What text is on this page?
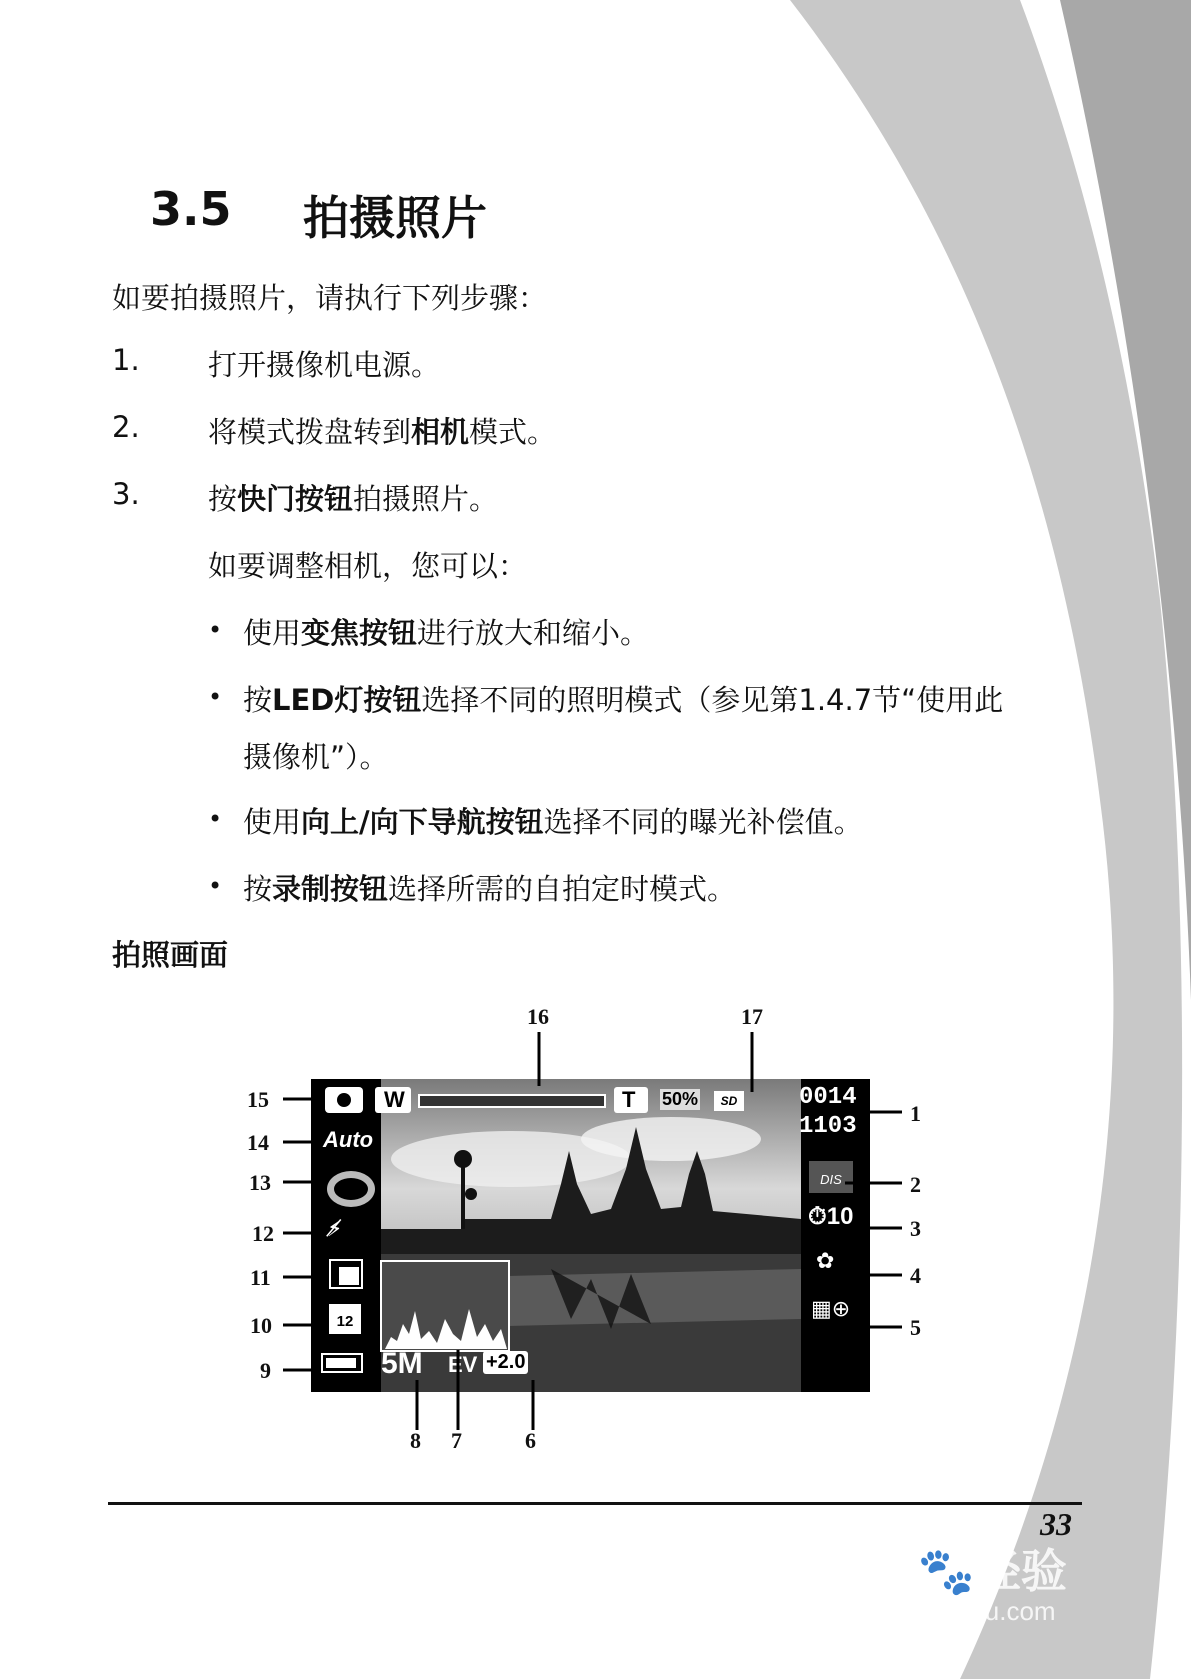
3.5 拍摄照片
如要拍摄照片，请执行下列步骤：
1. 打开摄像机电源。
2. 将模式拨盘转到相机模式。
3. 按快门按钮拍摄照片。
如要调整相机，您可以：
• 使用变焦按钮进行放大和缩小。
• 按LED灯按钮选择不同的照明模式（参见第1.4.7节“使用此
摄像机”）。
• 使用向上/向下导航按钮选择不同的曝光补偿值。
• 按录制按钮选择所需的自拍定时模式。
拍照画面
W	T 50%	SD	0014
1103
DIS
⏱10
✿
▦⊕
Auto
⚡̸
12
5M EV +2.0
1
2
3
4
5
6
7
8
9
10
11
12
13
14
15
16	17
33
Bai🐾经验
jingyan.baidu.com
